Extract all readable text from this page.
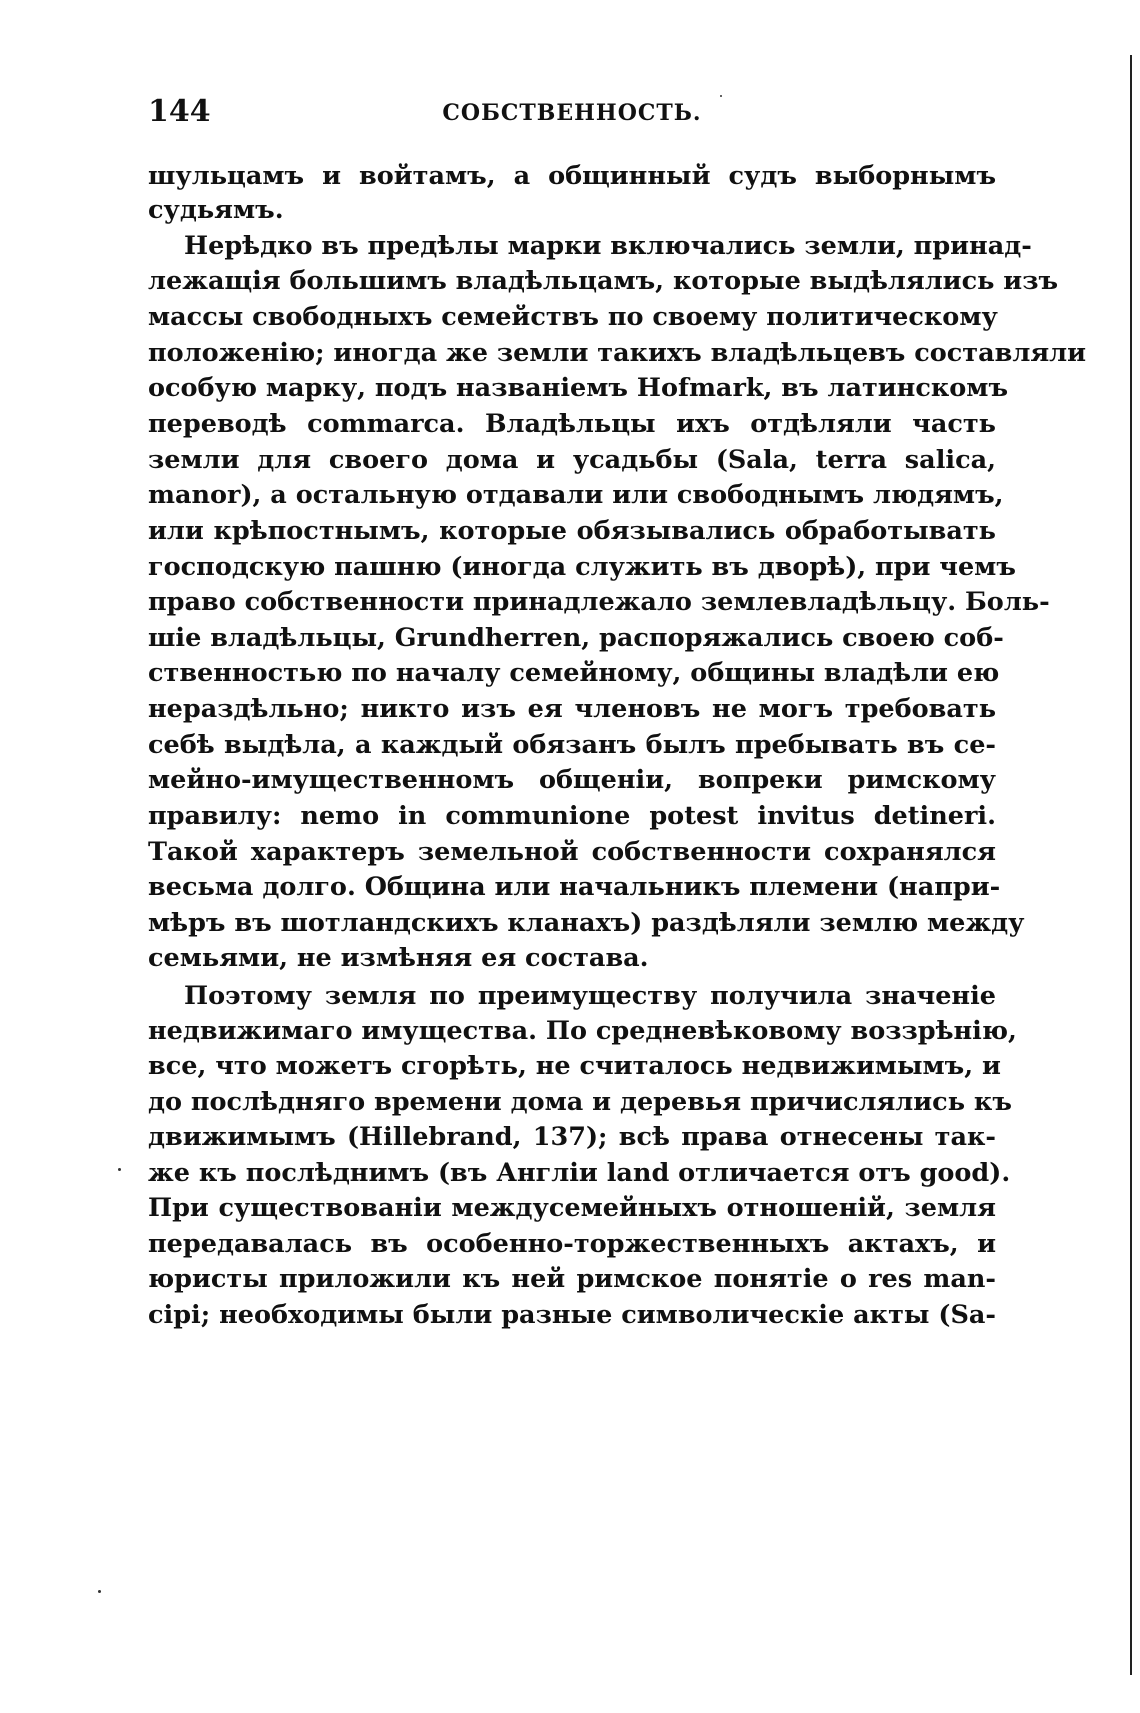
144	СОБСТВЕННОСТЬ.
шульцамъ и войтамъ, а общинный судъ выборнымъ
судьямъ.
Нерѣдко въ предѣлы марки включались земли, принад-
лежащія большимъ владѣльцамъ, которые выдѣлялись изъ
массы свободныхъ семействъ по своему политическому
положенію; иногда же земли такихъ владѣльцевъ составляли
особую марку, подъ названіемъ Hofmark, въ латинскомъ
переводѣ commarca. Владѣльцы ихъ отдѣляли часть
земли для своего дома и усадьбы (Sala, terra salica,
manor), а остальную отдавали или свободнымъ людямъ,
или крѣпостнымъ, которые обязывались обработывать
господскую пашню (иногда служить въ дворѣ), при чемъ
право собственности принадлежало землевладѣльцу. Боль-
шіе владѣльцы, Grundherren, распоряжались своею соб-
ственностью по началу семейному, общины владѣли ею
нераздѣльно; никто изъ ея членовъ не могъ требовать
себѣ выдѣла, а каждый обязанъ былъ пребывать въ се-
мейно-имущественномъ общеніи, вопреки римскому
правилу: nemo in communione potest invitus detineri.
Такой характеръ земельной собственности сохранялся
весьма долго. Община или начальникъ племени (напри-
мѣръ въ шотландскихъ кланахъ) раздѣляли землю между
семьями, не измѣняя ея состава.
Поэтому земля по преимуществу получила значеніе
недвижимаго имущества. По средневѣковому воззрѣнію,
все, что можетъ сгорѣть, не считалось недвижимымъ, и
до послѣдняго времени дома и деревья причислялись къ
движимымъ (Hillebrand, 137); всѣ права отнесены так-
же къ послѣднимъ (въ Англіи land отличается отъ good).
При существованіи междусемейныхъ отношеній, земля
передавалась въ особенно-торжественныхъ актахъ, и
юристы приложили къ ней римское понятіе о res man-
cipi; необходимы были разные символическіе акты (Sa-
